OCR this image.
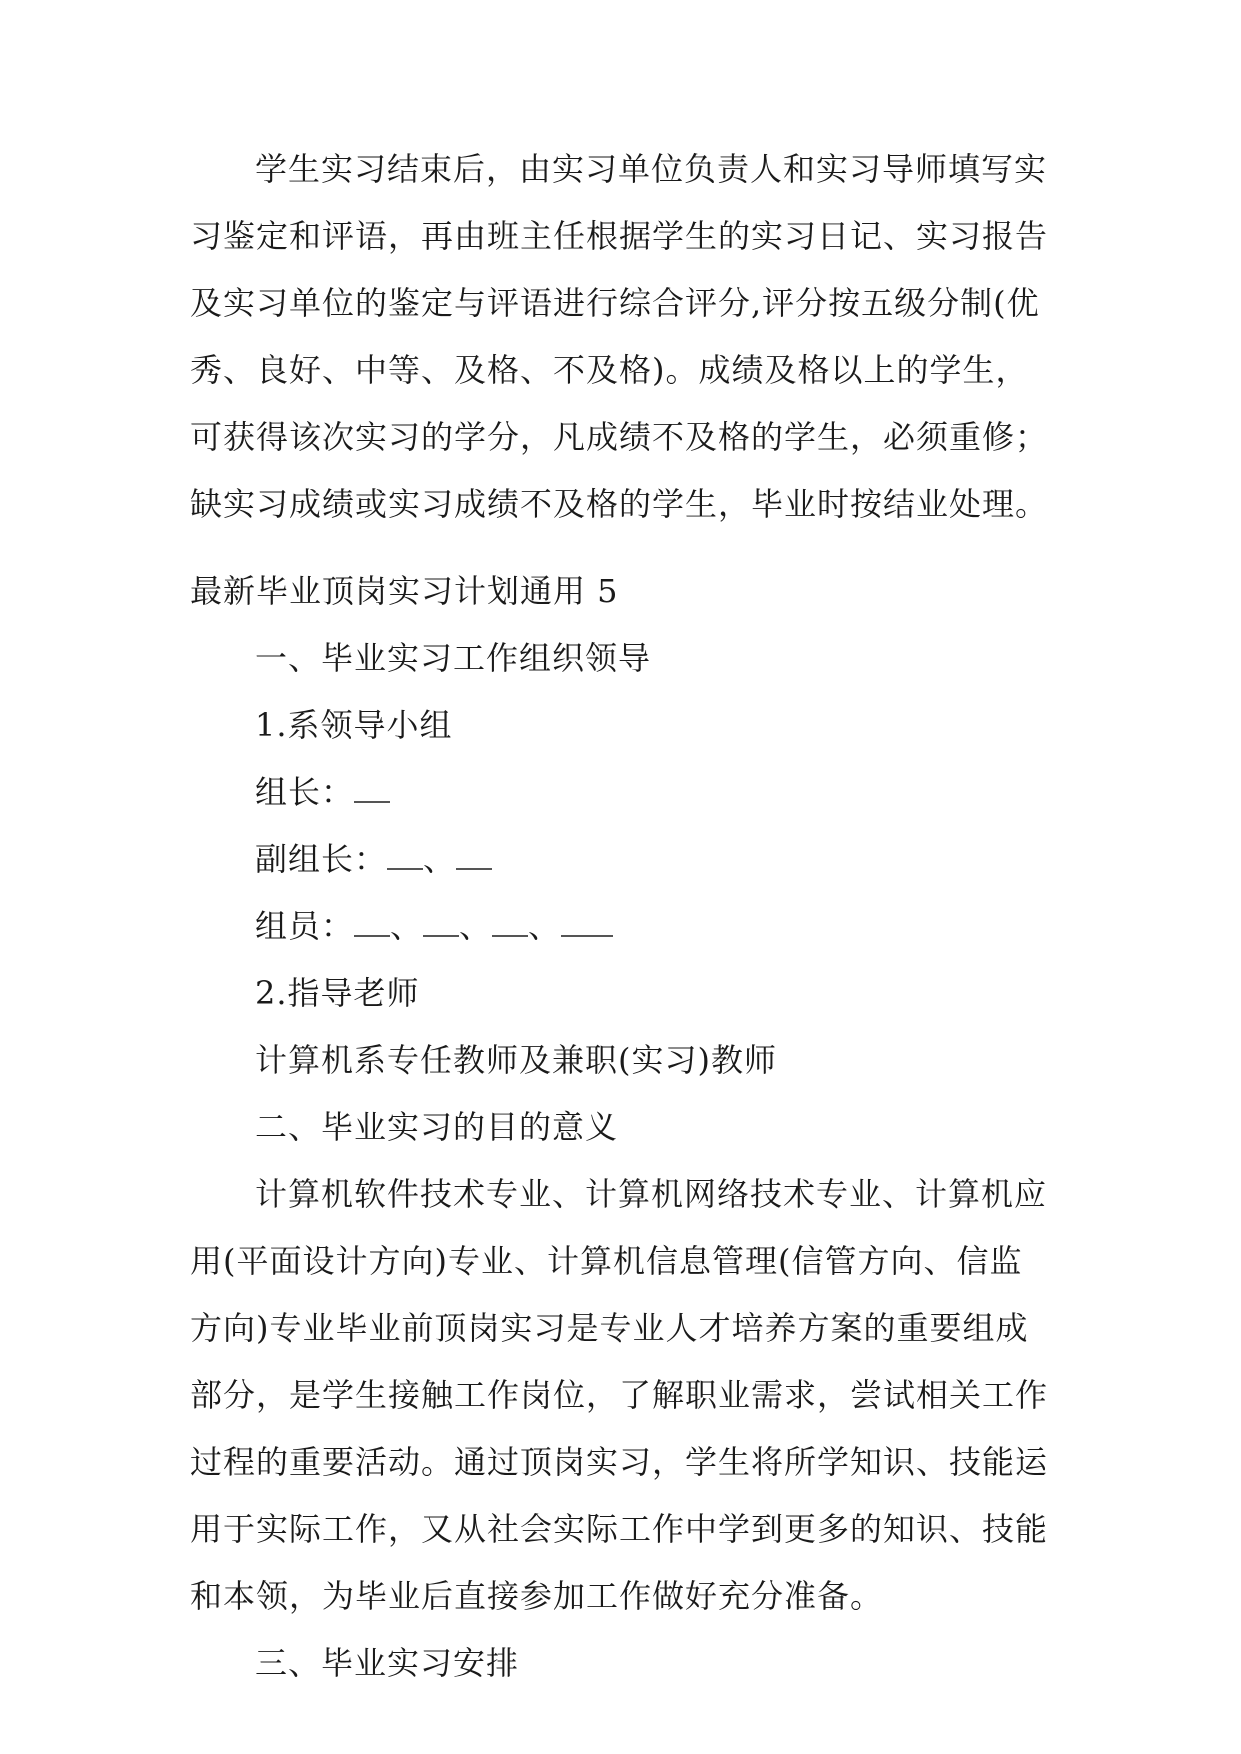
学生实习结束后，由实习单位负责人和实习导师填写实
习鉴定和评语，再由班主任根据学生的实习日记、实习报告
及实习单位的鉴定与评语进行综合评分,评分按五级分制(优
秀、良好、中等、及格、不及格)。成绩及格以上的学生，
可获得该次实习的学分，凡成绩不及格的学生，必须重修；
缺实习成绩或实习成绩不及格的学生，毕业时按结业处理。
最新毕业顶岗实习计划通用 5
一、毕业实习工作组织领导
1.系领导小组
组长：
副组长： 、
组员： 、 、 、
2.指导老师
计算机系专任教师及兼职(实习)教师
二、毕业实习的目的意义
计算机软件技术专业、计算机网络技术专业、计算机应
用(平面设计方向)专业、计算机信息管理(信管方向、信监
方向)专业毕业前顶岗实习是专业人才培养方案的重要组成
部分，是学生接触工作岗位，了解职业需求，尝试相关工作
过程的重要活动。通过顶岗实习，学生将所学知识、技能运
用于实际工作，又从社会实际工作中学到更多的知识、技能
和本领，为毕业后直接参加工作做好充分准备。
三、毕业实习安排
